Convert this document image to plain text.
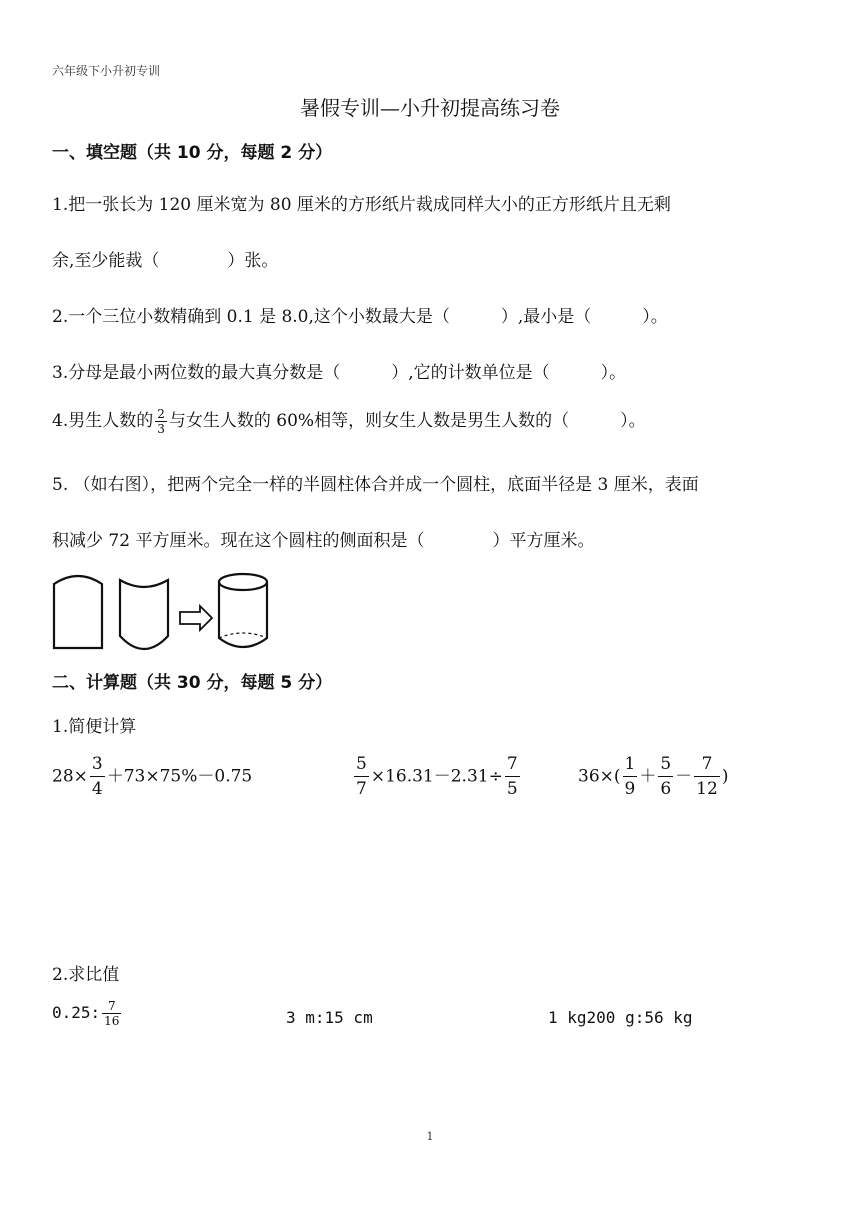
六年级下小升初专训
暑假专训—小升初提高练习卷
一、填空题（共 10 分，每题 2 分）
1.把一张长为 120 厘米宽为 80 厘米的方形纸片裁成同样大小的正方形纸片且无剩
余,至少能裁（　　　　）张。
2.一个三位小数精确到 0.1 是 8.0,这个小数最大是（　　　）,最小是（　　　）。
3.分母是最小两位数的最大真分数是（　　　）,它的计数单位是（　　　）。
4.男生人数的 $\frac{2}{3}$ 与女生人数的 60%相等，则女生人数是男生人数的（　　　）。
5. （如右图），把两个完全一样的半圆柱体合并成一个圆柱，底面半径是 3 厘米，表面
积减少 72 平方厘米。现在这个圆柱的侧面积是（　　　　）平方厘米。
二、计算题（共 30 分，每题 5 分）
1.简便计算
$28\times \frac{3}{4} +73\times 75\%-0.75$	$\frac{5}{7} \times 16.31-2.31\div \frac{7}{5}$	$36\times( \frac{1}{9} + \frac{5}{6} - \frac{7}{12}$ )
2.求比值
0.25: $\frac{7}{16}$	3 m:15 cm	1 kg200 g:56 kg
1
